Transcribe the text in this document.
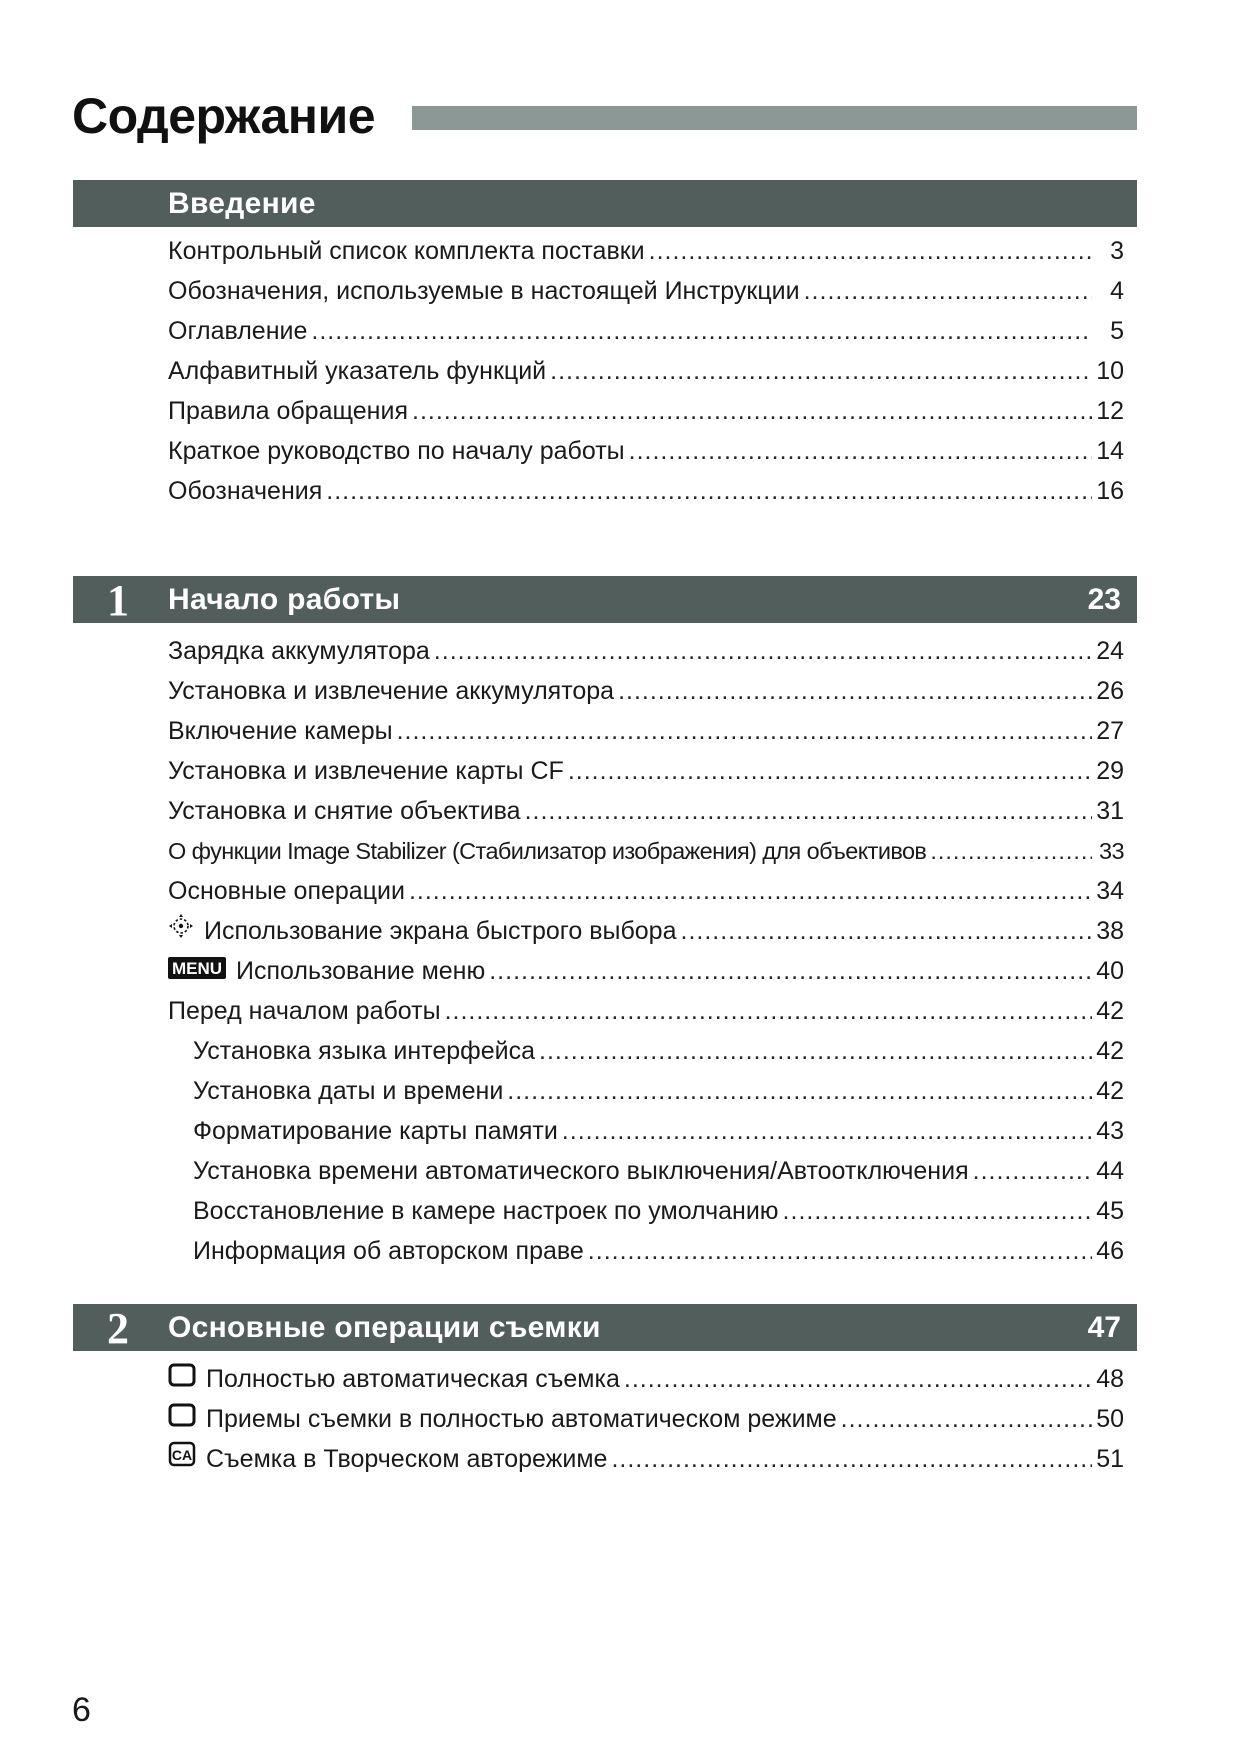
Содержание
Введение
Контрольный список комплекта поставки .....	3
Обозначения, используемые в настоящей Инструкции .....	4
Оглавление .....	5
Алфавитный указатель функций .....	10
Правила обращения .....	12
Краткое руководство по началу работы .....	14
Обозначения .....	16
1	Начало работы	23
Зарядка аккумулятора .....	24
Установка и извлечение аккумулятора .....	26
Включение камеры .....	27
Установка и извлечение карты CF .....	29
Установка и снятие объектива .....	31
О функции Image Stabilizer (Стабилизатор изображения) для объективов .....	33
Основные операции .....	34
Использование экрана быстрого выбора .....	38
MENU Использование меню .....	40
Перед началом работы .....	42
Установка языка интерфейса .....	42
Установка даты и времени .....	42
Форматирование карты памяти .....	43
Установка времени автоматического выключения/Автоотключения .....	44
Восстановление в камере настроек по умолчанию .....	45
Информация об авторском праве .....	46
2	Основные операции съемки	47
Полностью автоматическая съемка .....	48
Приемы съемки в полностью автоматическом режиме .....	50
CA Съемка в Творческом авторежиме .....	51
6
